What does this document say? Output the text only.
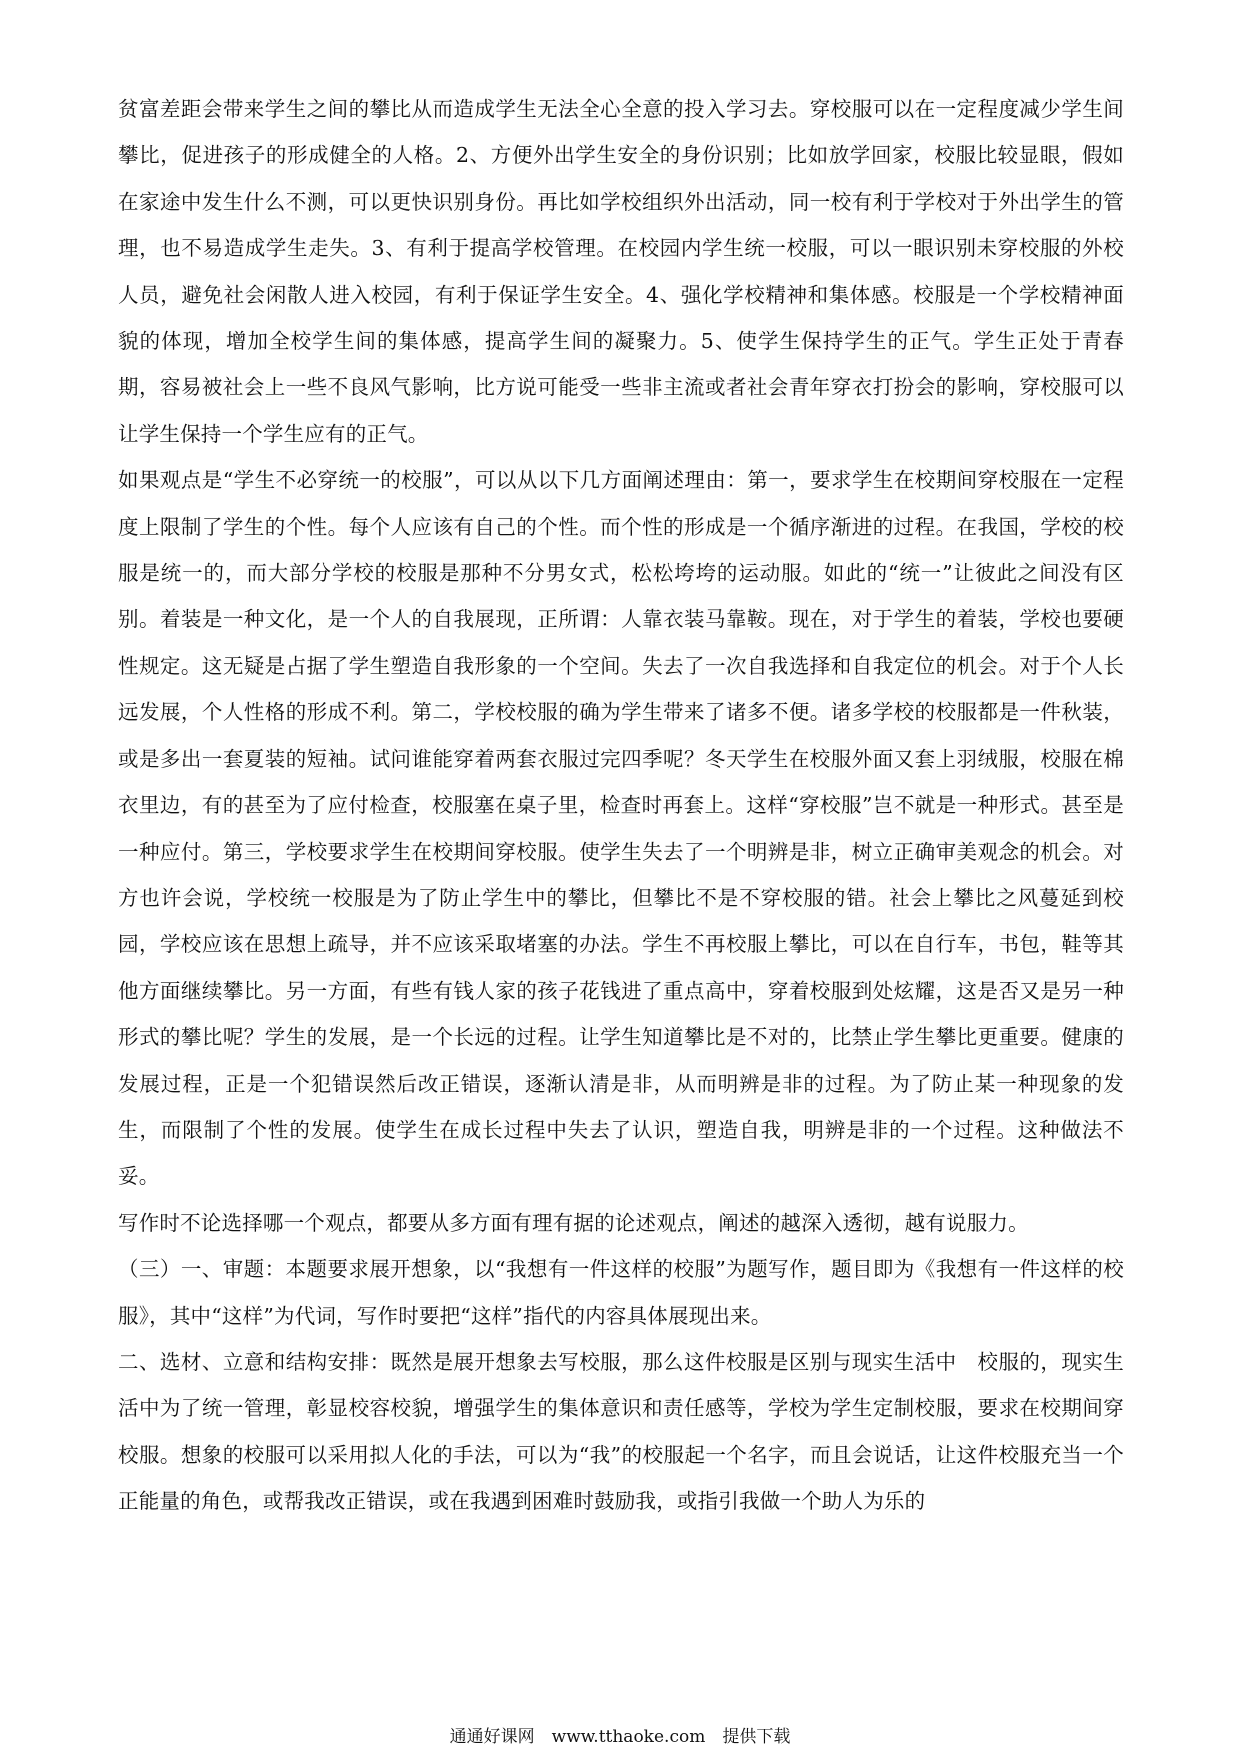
贫富差距会带来学生之间的攀比从而造成学生无法全心全意的投入学习去。穿校服可以在一定程度减少学生间攀比，促进孩子的形成健全的人格。2、方便外出学生安全的身份识别；比如放学回家，校服比较显眼，假如在家途中发生什么不测，可以更快识别身份。再比如学校组织外出活动，同一校有利于学校对于外出学生的管理，也不易造成学生走失。3、有利于提高学校管理。在校园内学生统一校服，可以一眼识别未穿校服的外校人员，避免社会闲散人进入校园，有利于保证学生安全。4、强化学校精神和集体感。校服是一个学校精神面貌的体现，增加全校学生间的集体感，提高学生间的凝聚力。5、使学生保持学生的正气。学生正处于青春期，容易被社会上一些不良风气影响，比方说可能受一些非主流或者社会青年穿衣打扮会的影响，穿校服可以让学生保持一个学生应有的正气。

如果观点是“学生不必穿统一的校服”，可以从以下几方面阐述理由：第一，要求学生在校期间穿校服在一定程度上限制了学生的个性。每个人应该有自己的个性。而个性的形成是一个循序渐进的过程。在我国，学校的校服是统一的，而大部分学校的校服是那种不分男女式，松松垮垮的运动服。如此的“统一”让彼此之间没有区别。着装是一种文化，是一个人的自我展现，正所谓：人靠衣装马靠鞍。现在，对于学生的着装，学校也要硬性规定。这无疑是占据了学生塑造自我形象的一个空间。失去了一次自我选择和自我定位的机会。对于个人长远发展，个人性格的形成不利。第二，学校校服的确为学生带来了诸多不便。诸多学校的校服都是一件秋装，或是多出一套夏装的短袖。试问谁能穿着两套衣服过完四季呢？冬天学生在校服外面又套上羽绒服，校服在棉衣里边，有的甚至为了应付检查，校服塞在桌子里，检查时再套上。这样“穿校服”岂不就是一种形式。甚至是一种应付。第三，学校要求学生在校期间穿校服。使学生失去了一个明辨是非，树立正确审美观念的机会。对方也许会说，学校统一校服是为了防止学生中的攀比，但攀比不是不穿校服的错。社会上攀比之风蔓延到校园，学校应该在思想上疏导，并不应该采取堵塞的办法。学生不再校服上攀比，可以在自行车，书包，鞋等其他方面继续攀比。另一方面，有些有钱人家的孩子花钱进了重点高中，穿着校服到处炫耀，这是否又是另一种形式的攀比呢？学生的发展，是一个长远的过程。让学生知道攀比是不对的，比禁止学生攀比更重要。健康的发展过程，正是一个犯错误然后改正错误，逐渐认清是非，从而明辨是非的过程。为了防止某一种现象的发生，而限制了个性的发展。使学生在成长过程中失去了认识，塑造自我，明辨是非的一个过程。这种做法不妥。

写作时不论选择哪一个观点，都要从多方面有理有据的论述观点，阐述的越深入透彻，越有说服力。

（三）一、审题：本题要求展开想象，以“我想有一件这样的校服”为题写作，题目即为《我想有一件这样的校服》，其中“这样”为代词，写作时要把“这样”指代的内容具体展现出来。

二、选材、立意和结构安排：既然是展开想象去写校服，那么这件校服是区别与现实生活中　校服的，现实生活中为了统一管理，彰显校容校貌，增强学生的集体意识和责任感等，学校为学生定制校服，要求在校期间穿校服。想象的校服可以采用拟人化的手法，可以为“我”的校服起一个名字，而且会说话，让这件校服充当一个正能量的角色，或帮我改正错误，或在我遇到困难时鼓励我，或指引我做一个助人为乐的

通通好课网　www.tthaoke.com　提供下载
